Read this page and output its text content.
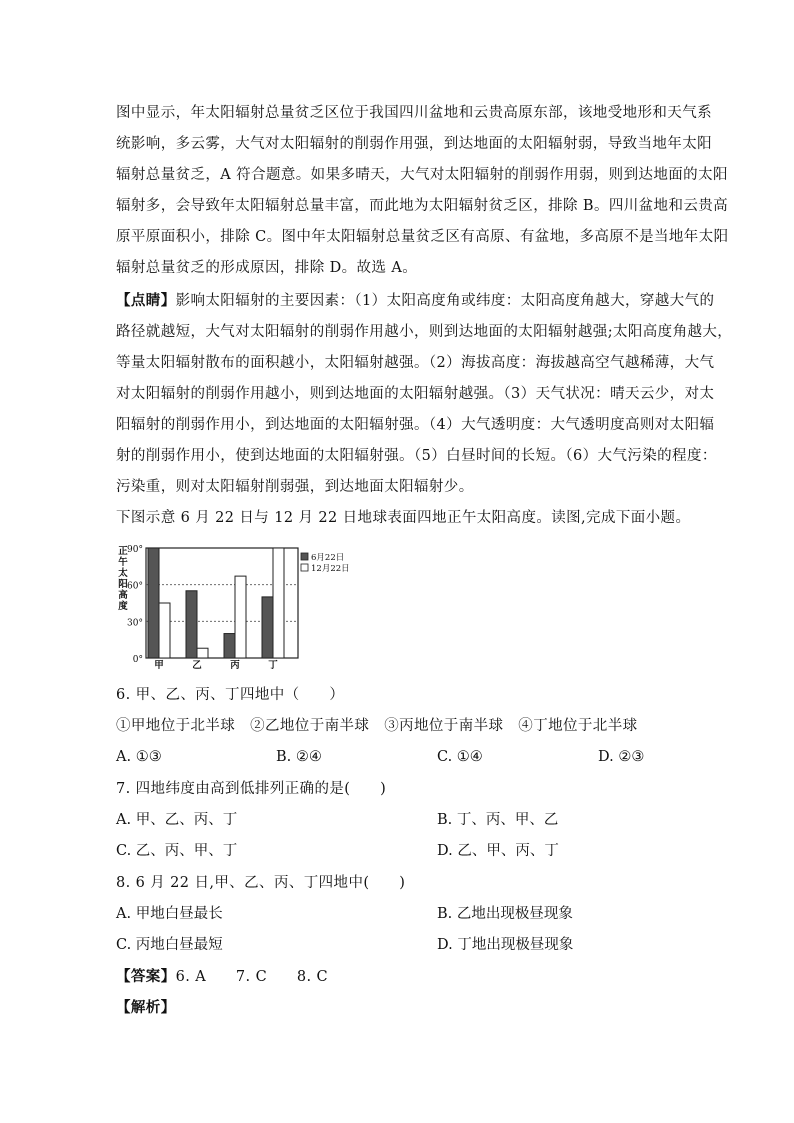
图中显示，年太阳辐射总量贫乏区位于我国四川盆地和云贵高原东部，该地受地形和天气系
统影响，多云雾，大气对太阳辐射的削弱作用强，到达地面的太阳辐射弱，导致当地年太阳
辐射总量贫乏，A 符合题意。如果多晴天，大气对太阳辐射的削弱作用弱，则到达地面的太阳
辐射多，会导致年太阳辐射总量丰富，而此地为太阳辐射贫乏区，排除 B。四川盆地和云贵高
原平原面积小，排除 C。图中年太阳辐射总量贫乏区有高原、有盆地，多高原不是当地年太阳
辐射总量贫乏的形成原因，排除 D。故选 A。
【点睛】影响太阳辐射的主要因素：（1）太阳高度角或纬度：太阳高度角越大，穿越大气的
路径就越短，大气对太阳辐射的削弱作用越小，则到达地面的太阳辐射越强;太阳高度角越大，
等量太阳辐射散布的面积越小，太阳辐射越强。（2）海拔高度：海拔越高空气越稀薄，大气
对太阳辐射的削弱作用越小，则到达地面的太阳辐射越强。（3）天气状况：晴天云少，对太
阳辐射的削弱作用小，到达地面的太阳辐射强。（4）大气透明度：大气透明度高则对太阳辐
射的削弱作用小，使到达地面的太阳辐射强。（5）白昼时间的长短。（6）大气污染的程度：
污染重，则对太阳辐射削弱强，到达地面太阳辐射少。
下图示意 6 月 22 日与 12 月 22 日地球表面四地正午太阳高度。读图,完成下面小题。
0°
30°
60°
90°
正
午
太
阳
高
度
甲	乙	丙	丁
6月22日
12月22日
6. 甲、乙、丙、丁四地中（　　）
①甲地位于北半球　②乙地位于南半球　③丙地位于南半球　④丁地位于北半球
A. ①③	B. ②④	C. ①④	D. ②③
7. 四地纬度由高到低排列正确的是(　　)
A. 甲、乙、丙、丁	B. 丁、丙、甲、乙
C. 乙、丙、甲、丁	D. 乙、甲、丙、丁
8. 6 月 22 日,甲、乙、丙、丁四地中(　　)
A. 甲地白昼最长	B. 乙地出现极昼现象
C. 丙地白昼最短	D. 丁地出现极昼现象
【答案】6. A　　7. C　　8. C
【解析】
